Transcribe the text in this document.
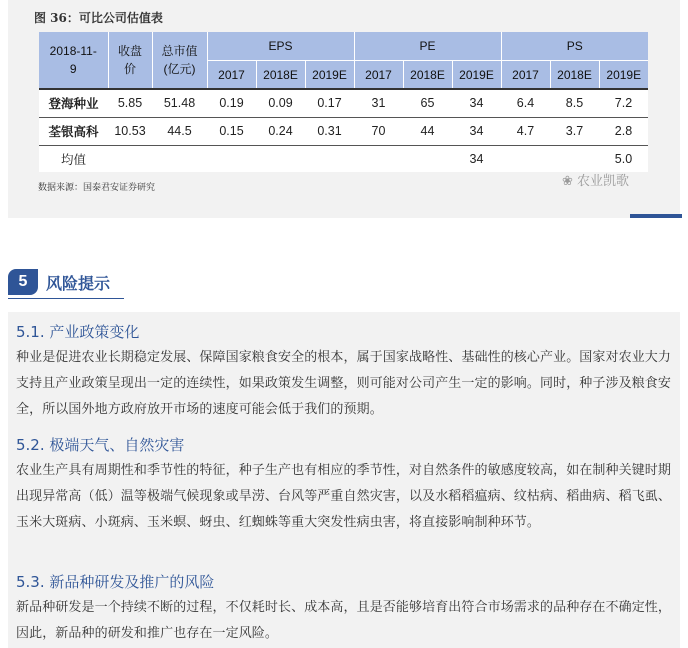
图 36：可比公司估值表
2018-11-9	收盘价	总市值(亿元)	EPS			PE			PS		
			2017	2018E	2019E	2017	2018E	2019E	2017	2018E	2019E
登海种业	5.85	51.48	0.19	0.09	0.17	31	65	34	6.4	8.5	7.2
荃银高科	10.53	44.5	0.15	0.24	0.31	70	44	34	4.7	3.7	2.8
均值								34			5.0
数据来源：国泰君安证券研究	❀ 农业凯歌
5	风险提示
5.1. 产业政策变化
种业是促进农业长期稳定发展、保障国家粮食安全的根本，属于国家战略性、基础性的核心产业。国家对农业大力支持且产业政策呈现出一定的连续性，如果政策发生调整，则可能对公司产生一定的影响。同时，种子涉及粮食安全，所以国外地方政府放开市场的速度可能会低于我们的预期。
5.2. 极端天气、自然灾害
农业生产具有周期性和季节性的特征，种子生产也有相应的季节性，对自然条件的敏感度较高，如在制种关键时期出现异常高（低）温等极端气候现象或旱涝、台风等严重自然灾害，以及水稻稻瘟病、纹枯病、稻曲病、稻飞虱、玉米大斑病、小斑病、玉米螟、蚜虫、红蜘蛛等重大突发性病虫害，将直接影响制种环节。
5.3. 新品种研发及推广的风险
新品种研发是一个持续不断的过程，不仅耗时长、成本高，且是否能够培育出符合市场需求的品种存在不确定性，因此，新品种的研发和推广也存在一定风险。
